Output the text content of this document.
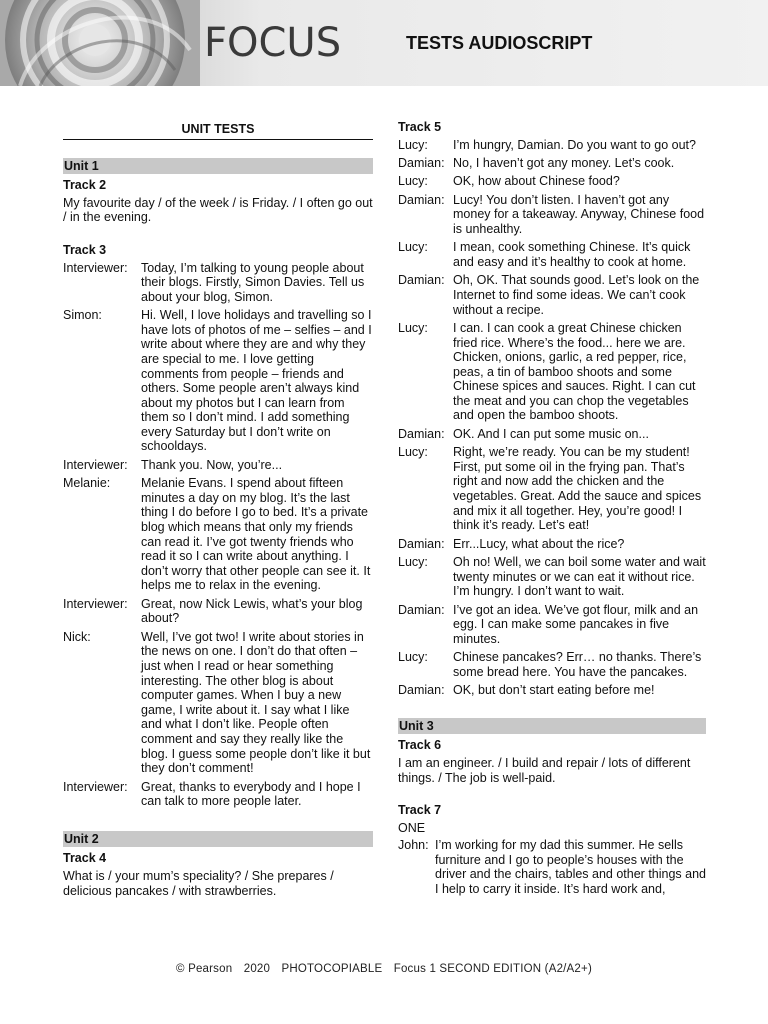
FOCUS	TESTS AUDIOSCRIPT
UNIT TESTS
Unit 1
Track 2
My favourite day / of the week / is Friday. / I often go out / in the evening.
Track 3
Interviewer:	Today, I’m talking to young people about their blogs. Firstly, Simon Davies. Tell us about your blog, Simon.
Simon:	Hi. Well, I love holidays and travelling so I have lots of photos of me – selfies – and I write about where they are and why they are special to me. I love getting comments from people – friends and others. Some people aren’t always kind about my photos but I can learn from them so I don’t mind. I add something every Saturday but I don’t write on schooldays.
Interviewer:	Thank you. Now, you’re...
Melanie:	Melanie Evans. I spend about fifteen minutes a day on my blog. It’s the last thing I do before I go to bed. It’s a private blog which means that only my friends can read it. I’ve got twenty friends who read it so I can write about anything. I don’t worry that other people can see it. It helps me to relax in the evening.
Interviewer:	Great, now Nick Lewis, what’s your blog about?
Nick:	Well, I’ve got two! I write about stories in the news on one. I don’t do that often – just when I read or hear something interesting. The other blog is about computer games. When I buy a new game, I write about it. I say what I like and what I don’t like. People often comment and say they really like the blog. I guess some people don’t like it but they don’t comment!
Interviewer:	Great, thanks to everybody and I hope I can talk to more people later.
Unit 2
Track 4
What is / your mum’s speciality? / She prepares / delicious pancakes / with strawberries.
Track 5
Lucy:	I’m hungry, Damian. Do you want to go out?
Damian: No, I haven’t got any money. Let’s cook.
Lucy:	OK, how about Chinese food?
Damian: Lucy! You don’t listen. I haven’t got any money for a takeaway. Anyway, Chinese food is unhealthy.
Lucy:	I mean, cook something Chinese. It’s quick and easy and it’s healthy to cook at home.
Damian: Oh, OK. That sounds good. Let’s look on the Internet to find some ideas. We can’t cook without a recipe.
Lucy:	I can. I can cook a great Chinese chicken fried rice. Where’s the food... here we are. Chicken, onions, garlic, a red pepper, rice, peas, a tin of bamboo shoots and some Chinese spices and sauces. Right. I can cut the meat and you can chop the vegetables and open the bamboo shoots.
Damian: OK. And I can put some music on...
Lucy:	Right, we’re ready. You can be my student! First, put some oil in the frying pan. That’s right and now add the chicken and the vegetables. Great. Add the sauce and spices and mix it all together. Hey, you’re good! I think it’s ready. Let’s eat!
Damian: Err...Lucy, what about the rice?
Lucy:	Oh no! Well, we can boil some water and wait twenty minutes or we can eat it without rice. I’m hungry. I don’t want to wait.
Damian: I’ve got an idea. We’ve got flour, milk and an egg. I can make some pancakes in five minutes.
Lucy:	Chinese pancakes? Err… no thanks. There’s some bread here. You have the pancakes.
Damian: OK, but don’t start eating before me!
Unit 3
Track 6
I am an engineer. / I build and repair / lots of different things. / The job is well-paid.
Track 7
ONE
John: I’m working for my dad this summer. He sells furniture and I go to people’s houses with the driver and the chairs, tables and other things and I help to carry it inside. It’s hard work and,
© Pearson 2020 PHOTOCOPIABLE Focus 1 SECOND EDITION (A2/A2+)
